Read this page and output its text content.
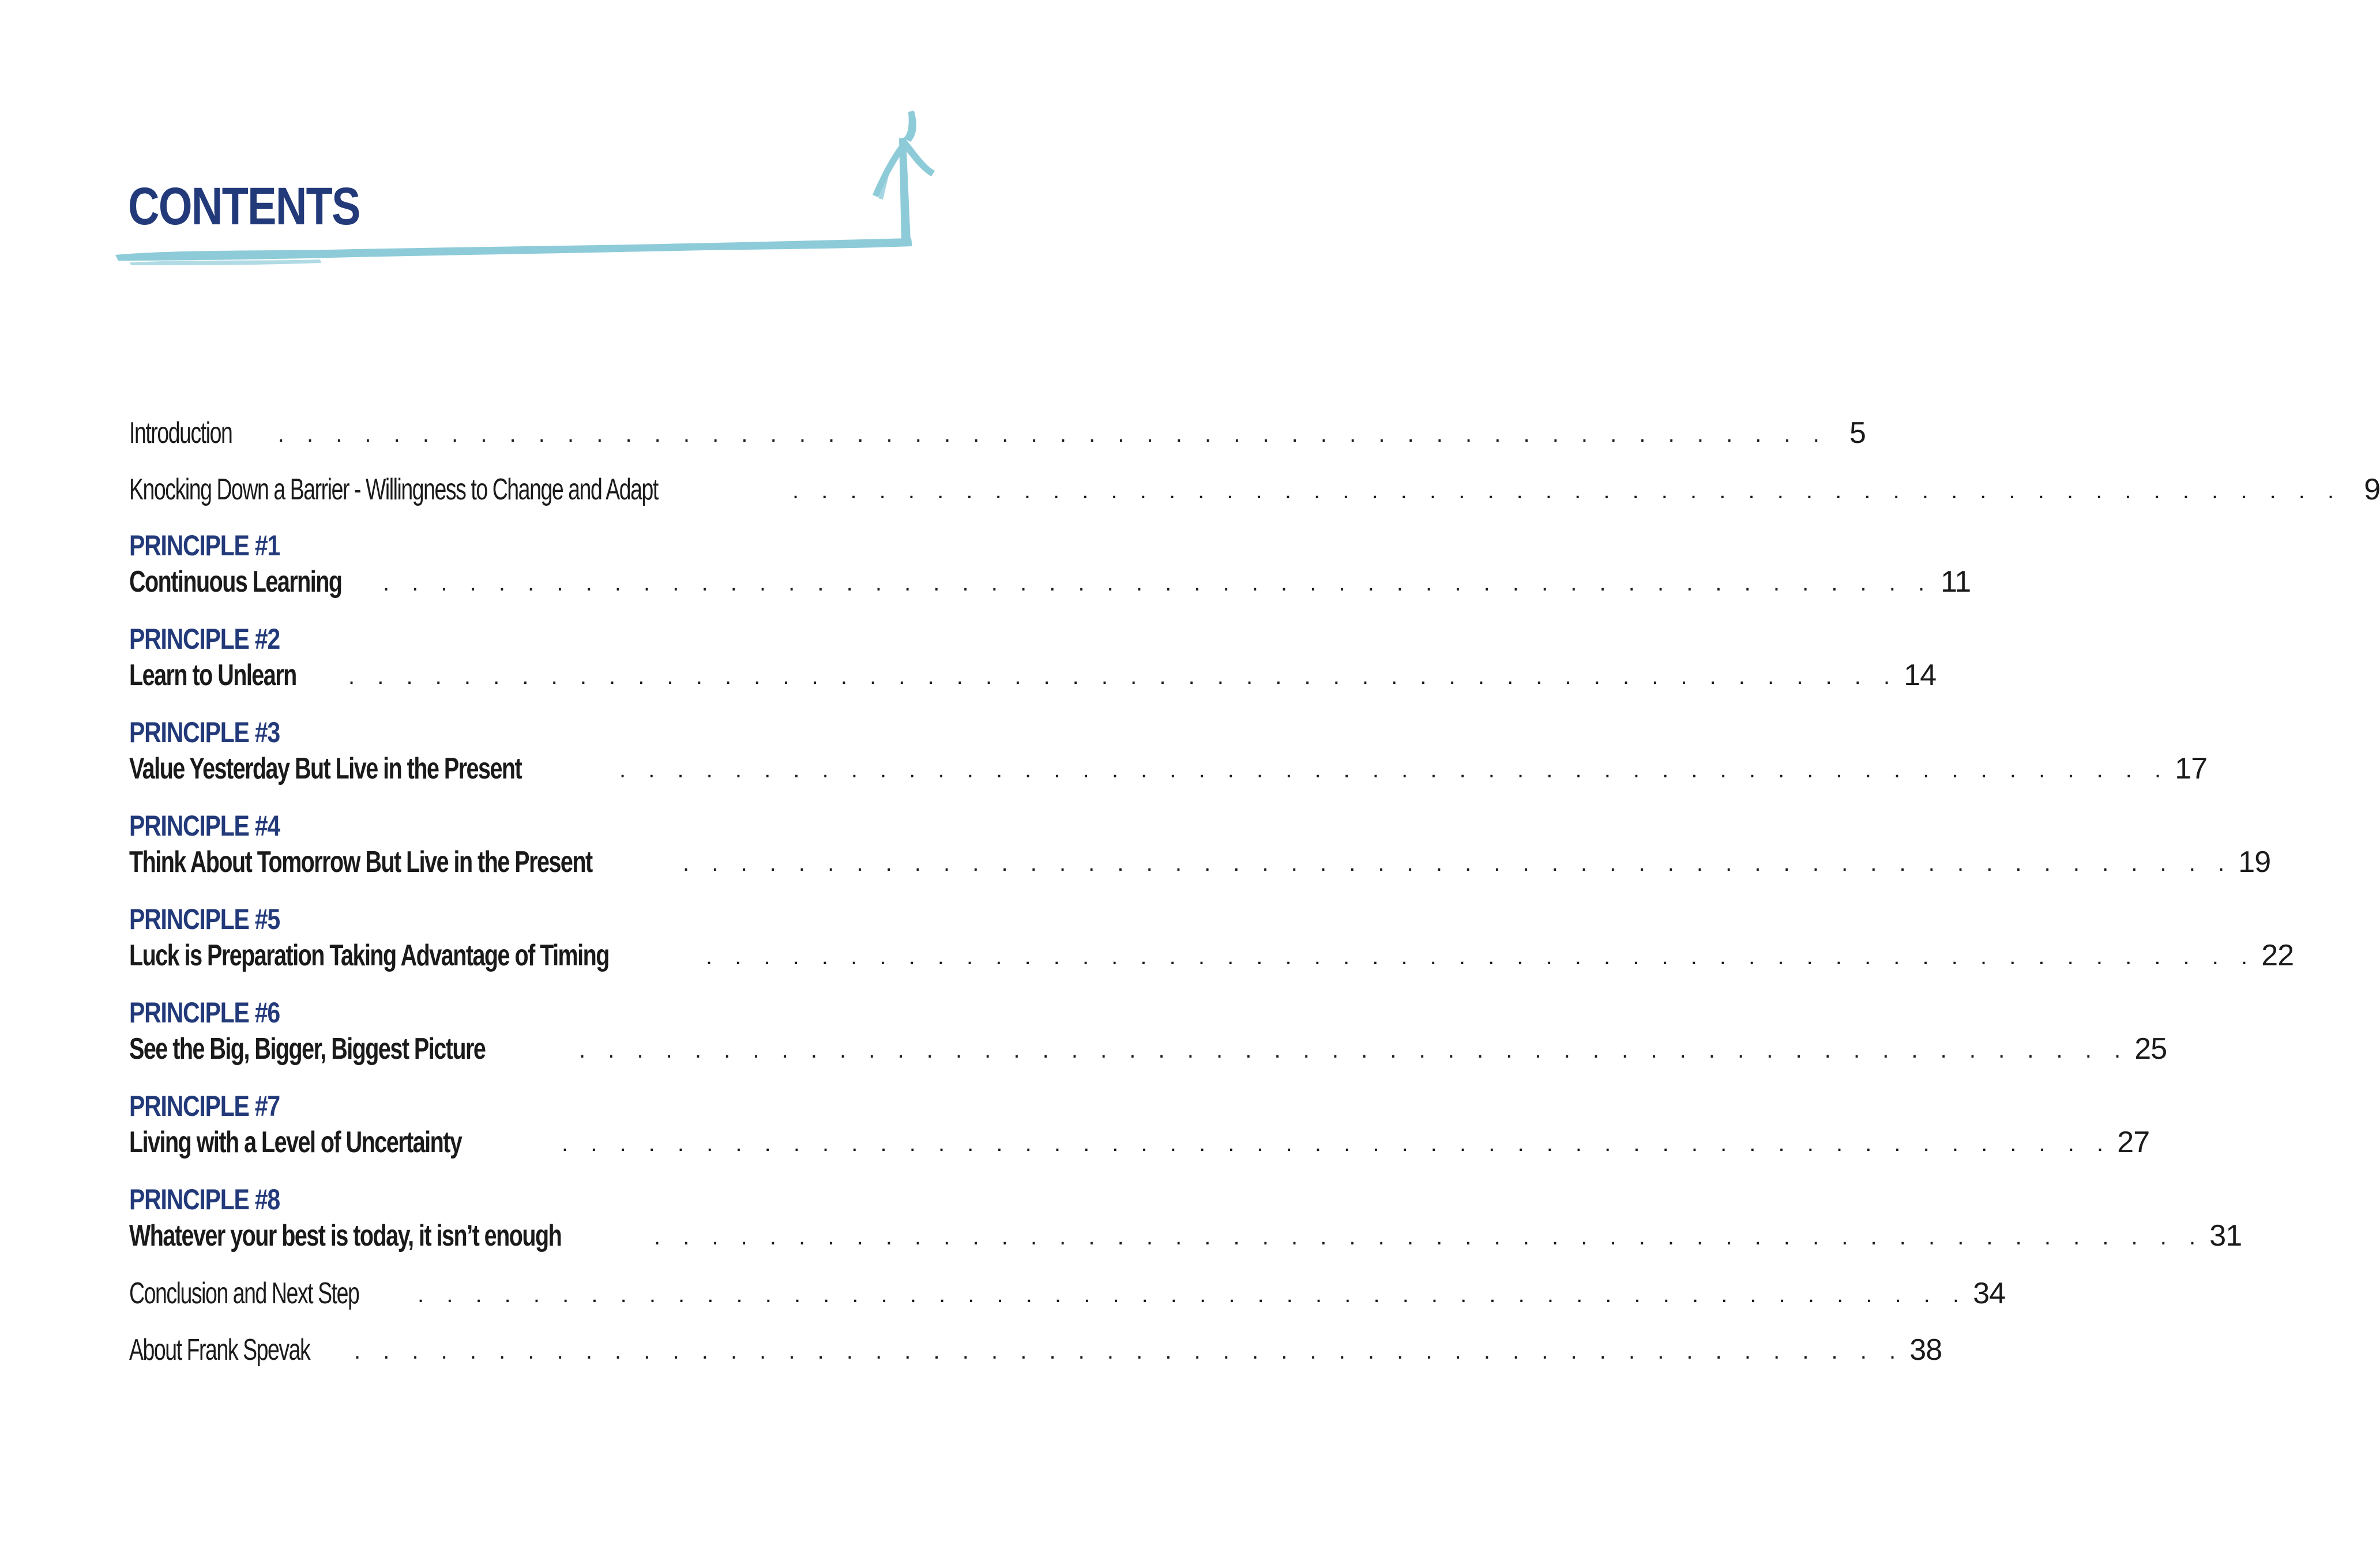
CONTENTS
Introduction	. . . . . . . . . . . . . . . . . . . . . . . . . . . . . . . . . . . . . . . . . . . . . . . . . . . . . . 5
Knocking Down a Barrier - Willingness to Change and Adapt	. . . . . . . . . . . . . . . . . . . . . . . . . . . . . . . . . . . . . . . . . . . . . . . . . . . . . . 9
PRINCIPLE #1
Continuous Learning	. . . . . . . . . . . . . . . . . . . . . . . . . . . . . . . . . . . . . . . . . . . . . . . . . . . . . . 11
PRINCIPLE #2
Learn to Unlearn	. . . . . . . . . . . . . . . . . . . . . . . . . . . . . . . . . . . . . . . . . . . . . . . . . . . . . . 14
PRINCIPLE #3
Value Yesterday But Live in the Present	. . . . . . . . . . . . . . . . . . . . . . . . . . . . . . . . . . . . . . . . . . . . . . . . . . . . . . 17
PRINCIPLE #4
Think About Tomorrow But Live in the Present	. . . . . . . . . . . . . . . . . . . . . . . . . . . . . . . . . . . . . . . . . . . . . . . . . . . . . . 19
PRINCIPLE #5
Luck is Preparation Taking Advantage of Timing	. . . . . . . . . . . . . . . . . . . . . . . . . . . . . . . . . . . . . . . . . . . . . . . . . . . . . . 22
PRINCIPLE #6
See the Big, Bigger, Biggest Picture	. . . . . . . . . . . . . . . . . . . . . . . . . . . . . . . . . . . . . . . . . . . . . . . . . . . . . . 25
PRINCIPLE #7
Living with a Level of Uncertainty	. . . . . . . . . . . . . . . . . . . . . . . . . . . . . . . . . . . . . . . . . . . . . . . . . . . . . . 27
PRINCIPLE #8
Whatever your best is today, it isn’t enough	. . . . . . . . . . . . . . . . . . . . . . . . . . . . . . . . . . . . . . . . . . . . . . . . . . . . . . 31
Conclusion and Next Step	. . . . . . . . . . . . . . . . . . . . . . . . . . . . . . . . . . . . . . . . . . . . . . . . . . . . . . 34
About Frank Spevak	. . . . . . . . . . . . . . . . . . . . . . . . . . . . . . . . . . . . . . . . . . . . . . . . . . . . . . 38
